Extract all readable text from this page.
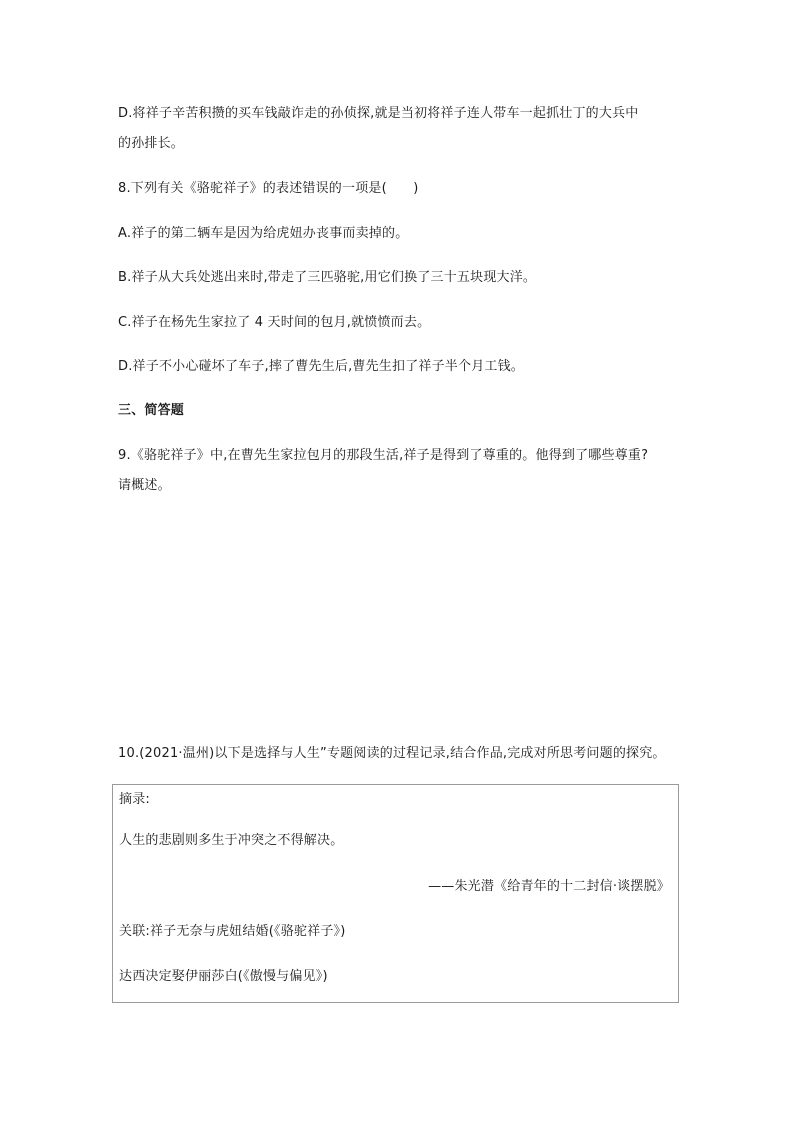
D.将祥子辛苦积攒的买车钱敲诈走的孙侦探,就是当初将祥子连人带车一起抓壮丁的大兵中
的孙排长。
8.下列有关《骆驼祥子》的表述错误的一项是(　　)
A.祥子的第二辆车是因为给虎妞办丧事而卖掉的。
B.祥子从大兵处逃出来时,带走了三匹骆驼,用它们换了三十五块现大洋。
C.祥子在杨先生家拉了 4 天时间的包月,就愤愤而去。
D.祥子不小心碰坏了车子,摔了曹先生后,曹先生扣了祥子半个月工钱。
三、简答题
9.《骆驼祥子》中,在曹先生家拉包月的那段生活,祥子是得到了尊重的。他得到了哪些尊重?
请概述。
10.(2021·温州)以下是选择与人生”专题阅读的过程记录,结合作品,完成对所思考问题的探究。
摘录:
人生的悲剧则多生于冲突之不得解决。
——朱光潜《给青年的十二封信·谈摆脱》
关联:祥子无奈与虎妞结婚(《骆驼祥子》)
达西决定娶伊丽莎白(《傲慢与偏见》)
